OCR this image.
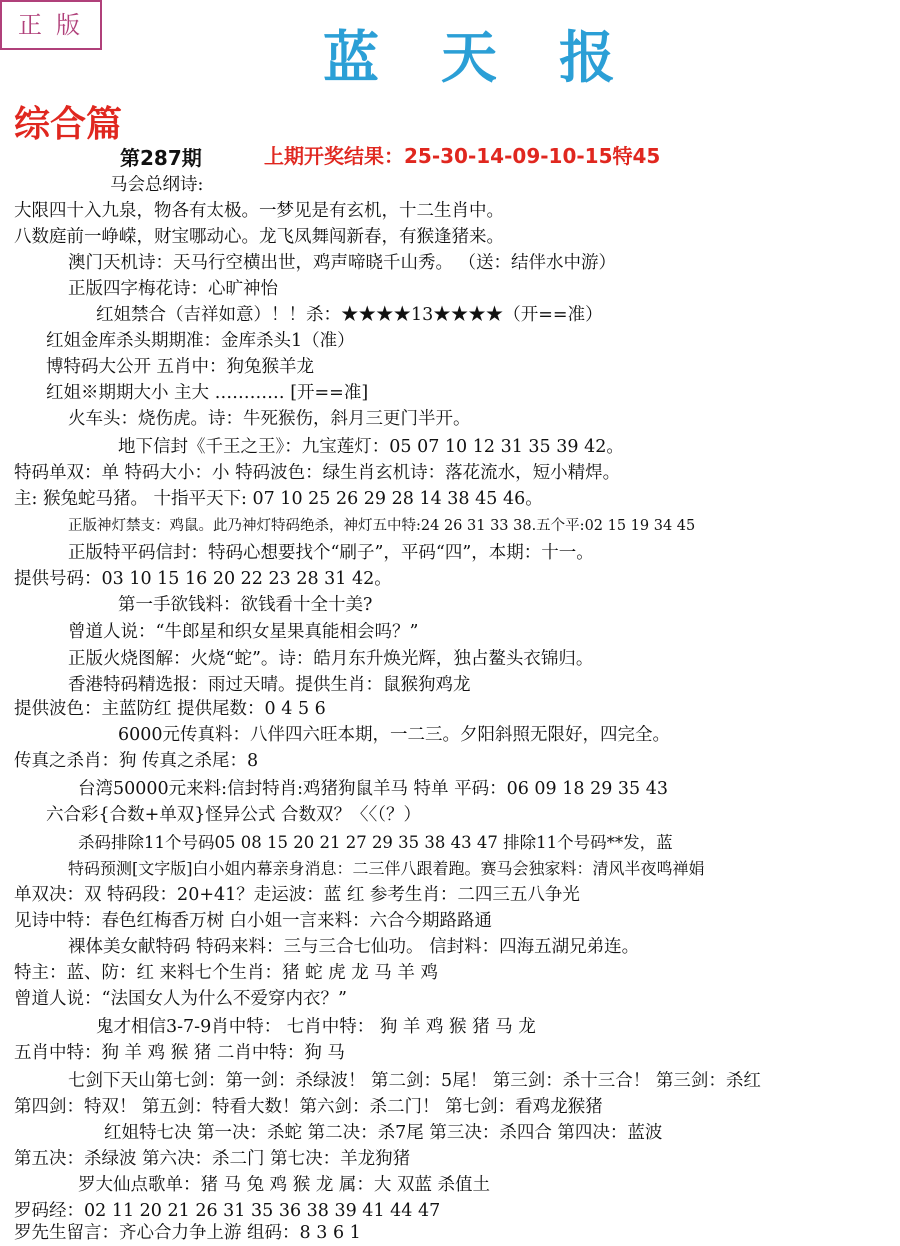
正版
蓝天报
综合篇
第287期	上期开奖结果：25-30-14-09-10-15特45
马会总纲诗:
大限四十入九泉，物各有太极。一梦见是有玄机，十二生肖中。
八数庭前一峥嵘，财宝哪动心。龙飞凤舞闯新春，有猴逢猪来。
澳门天机诗：天马行空横出世，鸡声啼晓千山秀。 （送：结伴水中游）
正版四字梅花诗：心旷神怡
红姐禁合（吉祥如意）！！杀：★★★★13★★★★（开==准）
红姐金库杀头期期准：金库杀头1（准）
博特码大公开 五肖中：狗兔猴羊龙
红姐※期期大小 主大 ………… [开==准]
火车头：烧伤虎。诗：牛死猴伤，斜月三更门半开。
地下信封《千王之王》：九宝莲灯：05 07 10 12 31 35 39 42。
特码单双：单 特码大小：小 特码波色：绿生肖玄机诗：落花流水，短小精焊。
主: 猴兔蛇马猪。 十指平天下: 07 10 25 26 29 28 14 38 45 46。
正版神灯禁支：鸡鼠。此乃神灯特码绝杀，神灯五中特:24 26 31 33 38.五个平:02 15 19 34 45
正版特平码信封：特码心想要找个“刷子”，平码“四”，本期：十一。
提供号码：03 10 15 16 20 22 23 28 31 42。
第一手欲钱料：欲钱看十全十美?
曾道人说：“牛郎星和织女星果真能相会吗？”
正版火烧图解：火烧“蛇”。诗：皓月东升焕光辉，独占鳌头衣锦归。
香港特码精选报：雨过天晴。提供生肖：鼠猴狗鸡龙
提供波色：主蓝防红 提供尾数：0 4 5 6
6000元传真料：八伴四六旺本期，一二三。夕阳斜照无限好，四完全。
传真之杀肖：狗 传真之杀尾：8
台湾50000元来料:信封特肖:鸡猪狗鼠羊马 特单 平码：06 09 18 29 35 43
六合彩{合数+单双}怪异公式 合数双？〈〈（？）
杀码排除11个号码05 08 15 20 21 27 29 35 38 43 47 排除11个号码**发，蓝
特码预测[文字版]白小姐内幕亲身消息：二三伴八跟着跑。赛马会独家料：清风半夜鸣禅娟
单双决：双 特码段：20+41？走运波：蓝 红 参考生肖：二四三五八争光
见诗中特：春色红梅香万树 白小姐一言来料：六合今期路路通
裸体美女献特码 特码来料：三与三合七仙功。 信封料：四海五湖兄弟连。
特主：蓝、防：红 来料七个生肖：猪 蛇 虎 龙 马 羊 鸡
曾道人说：“法国女人为什么不爱穿内衣？”
鬼才相信3-7-9肖中特： 七肖中特： 狗 羊 鸡 猴 猪 马 龙
五肖中特：狗 羊 鸡 猴 猪 二肖中特：狗 马
七剑下天山第七剑：第一剑：杀绿波！ 第二剑：5尾！ 第三剑：杀十三合！ 第三剑：杀红
第四剑：特双！ 第五剑：特看大数！第六剑：杀二门！ 第七剑：看鸡龙猴猪
红姐特七决 第一决：杀蛇 第二决：杀7尾 第三决：杀四合 第四决：蓝波
第五决：杀绿波 第六决：杀二门 第七决：羊龙狗猪
罗大仙点歌单：猪 马 兔 鸡 猴 龙 属：大 双蓝 杀值土
罗码经：02 11 20 21 26 31 35 36 38 39 41 44 47
罗先生留言：齐心合力争上游 组码：8 3 6 1
